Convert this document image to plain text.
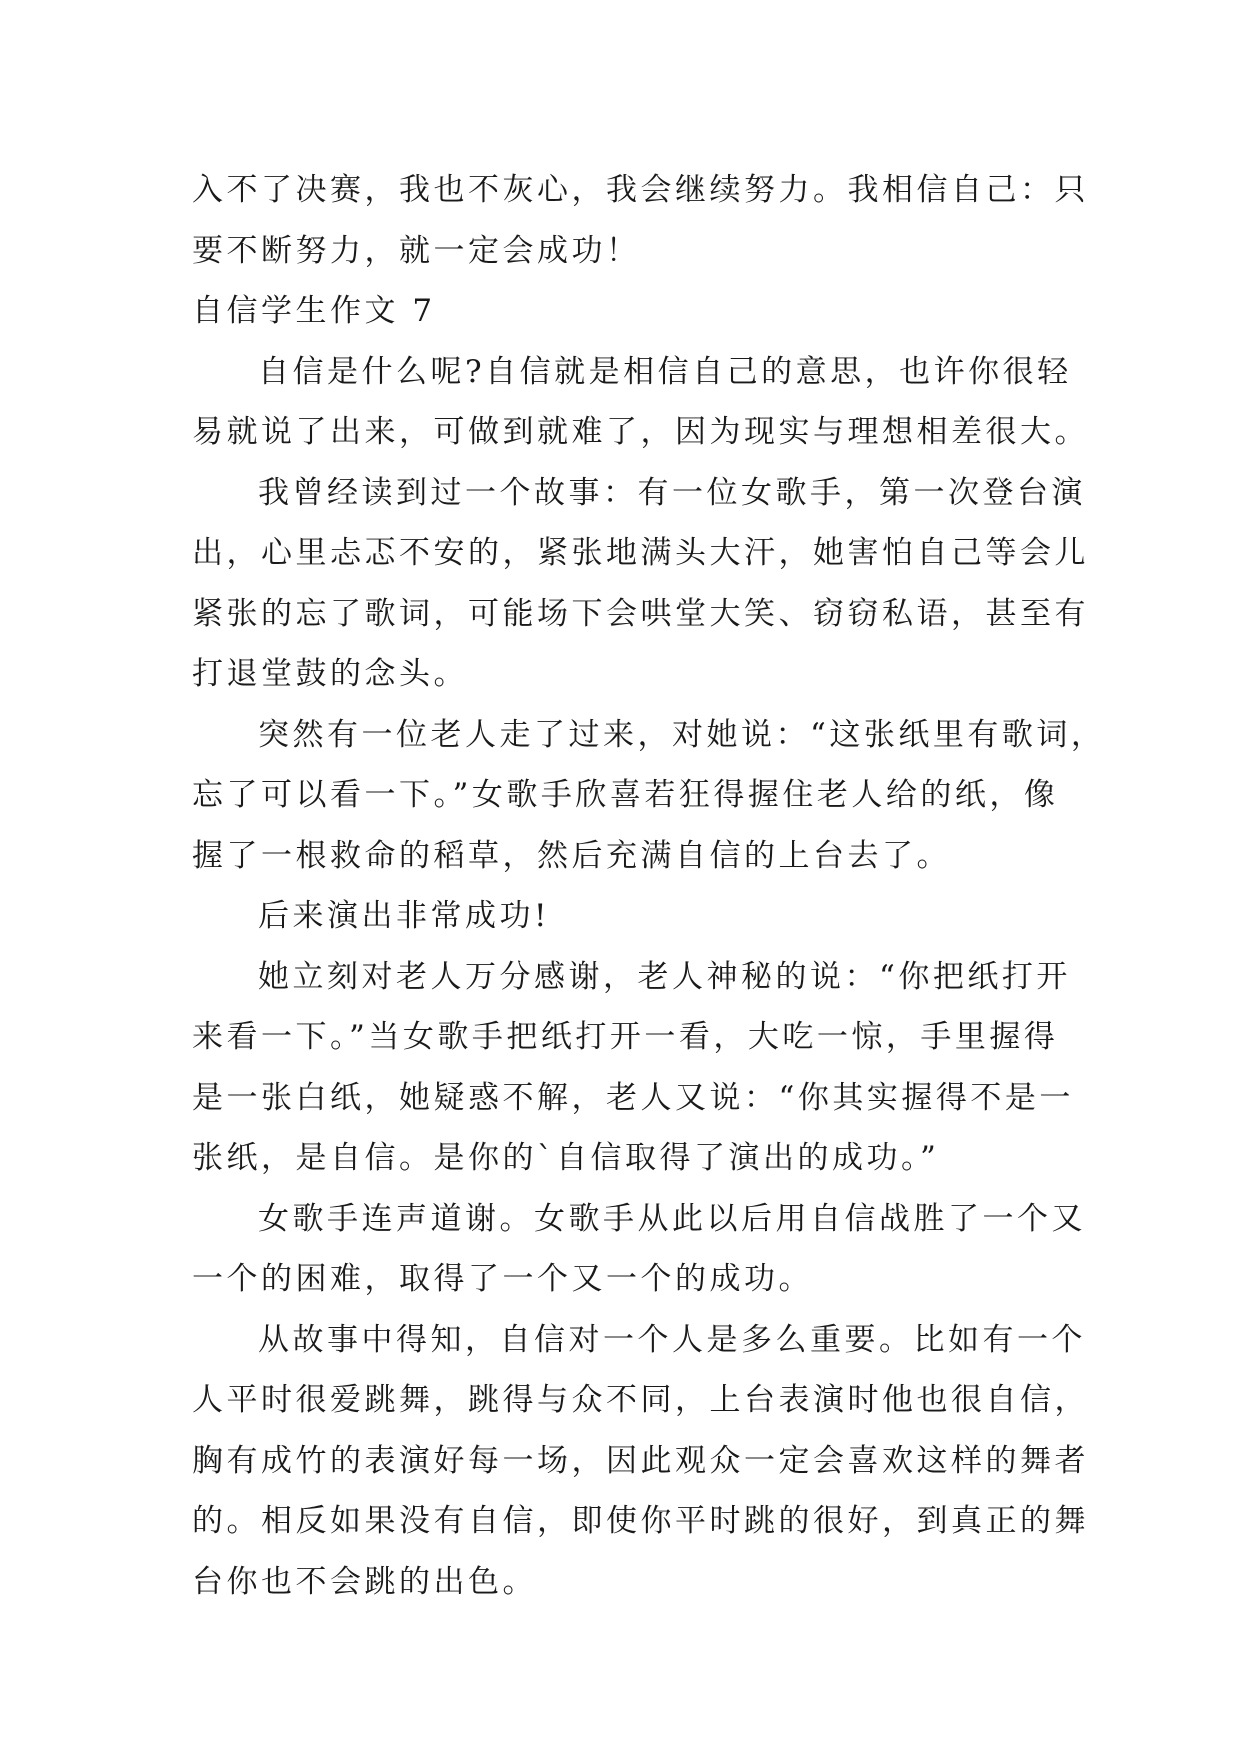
入不了决赛，我也不灰心，我会继续努力。我相信自己：只
要不断努力，就一定会成功！
自信学生作文 7
自信是什么呢?自信就是相信自己的意思，也许你很轻
易就说了出来，可做到就难了，因为现实与理想相差很大。
我曾经读到过一个故事：有一位女歌手，第一次登台演
出，心里忐忑不安的，紧张地满头大汗，她害怕自己等会儿
紧张的忘了歌词，可能场下会哄堂大笑、窃窃私语，甚至有
打退堂鼓的念头。
突然有一位老人走了过来，对她说：“这张纸里有歌词，
忘了可以看一下。”女歌手欣喜若狂得握住老人给的纸，像
握了一根救命的稻草，然后充满自信的上台去了。
后来演出非常成功!
她立刻对老人万分感谢，老人神秘的说：“你把纸打开
来看一下。”当女歌手把纸打开一看，大吃一惊，手里握得
是一张白纸，她疑惑不解，老人又说：“你其实握得不是一
张纸，是自信。是你的`自信取得了演出的成功。”
女歌手连声道谢。女歌手从此以后用自信战胜了一个又
一个的困难，取得了一个又一个的成功。
从故事中得知，自信对一个人是多么重要。比如有一个
人平时很爱跳舞，跳得与众不同，上台表演时他也很自信，
胸有成竹的表演好每一场，因此观众一定会喜欢这样的舞者
的。相反如果没有自信，即使你平时跳的很好，到真正的舞
台你也不会跳的出色。
